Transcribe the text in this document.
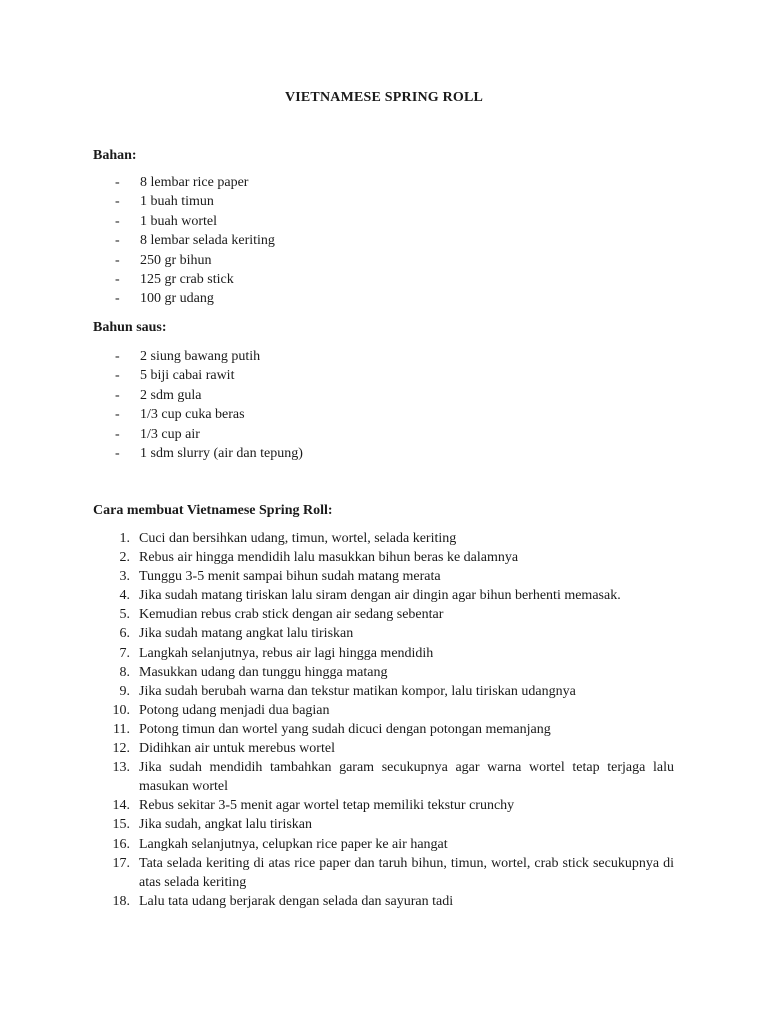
VIETNAMESE SPRING ROLL
Bahan:
- 8 lembar rice paper
- 1 buah timun
- 1 buah wortel
- 8 lembar selada keriting
- 250 gr bihun
- 125 gr crab stick
- 100 gr udang
Bahun saus:
- 2 siung bawang putih
- 5 biji cabai rawit
- 2 sdm gula
- 1/3 cup cuka beras
- 1/3 cup air
- 1 sdm slurry (air dan tepung)
Cara membuat Vietnamese Spring Roll:
1. Cuci dan bersihkan udang, timun, wortel, selada keriting
2. Rebus air hingga mendidih lalu masukkan bihun beras ke dalamnya
3. Tunggu 3-5 menit sampai bihun sudah matang merata
4. Jika sudah matang tiriskan lalu siram dengan air dingin agar bihun berhenti memasak.
5. Kemudian rebus crab stick dengan air sedang sebentar
6. Jika sudah matang angkat lalu tiriskan
7. Langkah selanjutnya, rebus air lagi hingga mendidih
8. Masukkan udang dan tunggu hingga matang
9. Jika sudah berubah warna dan tekstur matikan kompor, lalu tiriskan udangnya
10. Potong udang menjadi dua bagian
11. Potong timun dan wortel yang sudah dicuci dengan potongan memanjang
12. Didihkan air untuk merebus wortel
13. Jika sudah mendidih tambahkan garam secukupnya agar warna wortel tetap terjaga lalu masukan wortel
14. Rebus sekitar 3-5 menit agar wortel tetap memiliki tekstur crunchy
15. Jika sudah, angkat lalu tiriskan
16. Langkah selanjutnya, celupkan rice paper ke air hangat
17. Tata selada keriting di atas rice paper dan taruh bihun, timun, wortel, crab stick secukupnya di atas selada keriting
18. Lalu tata udang berjarak dengan selada dan sayuran tadi
